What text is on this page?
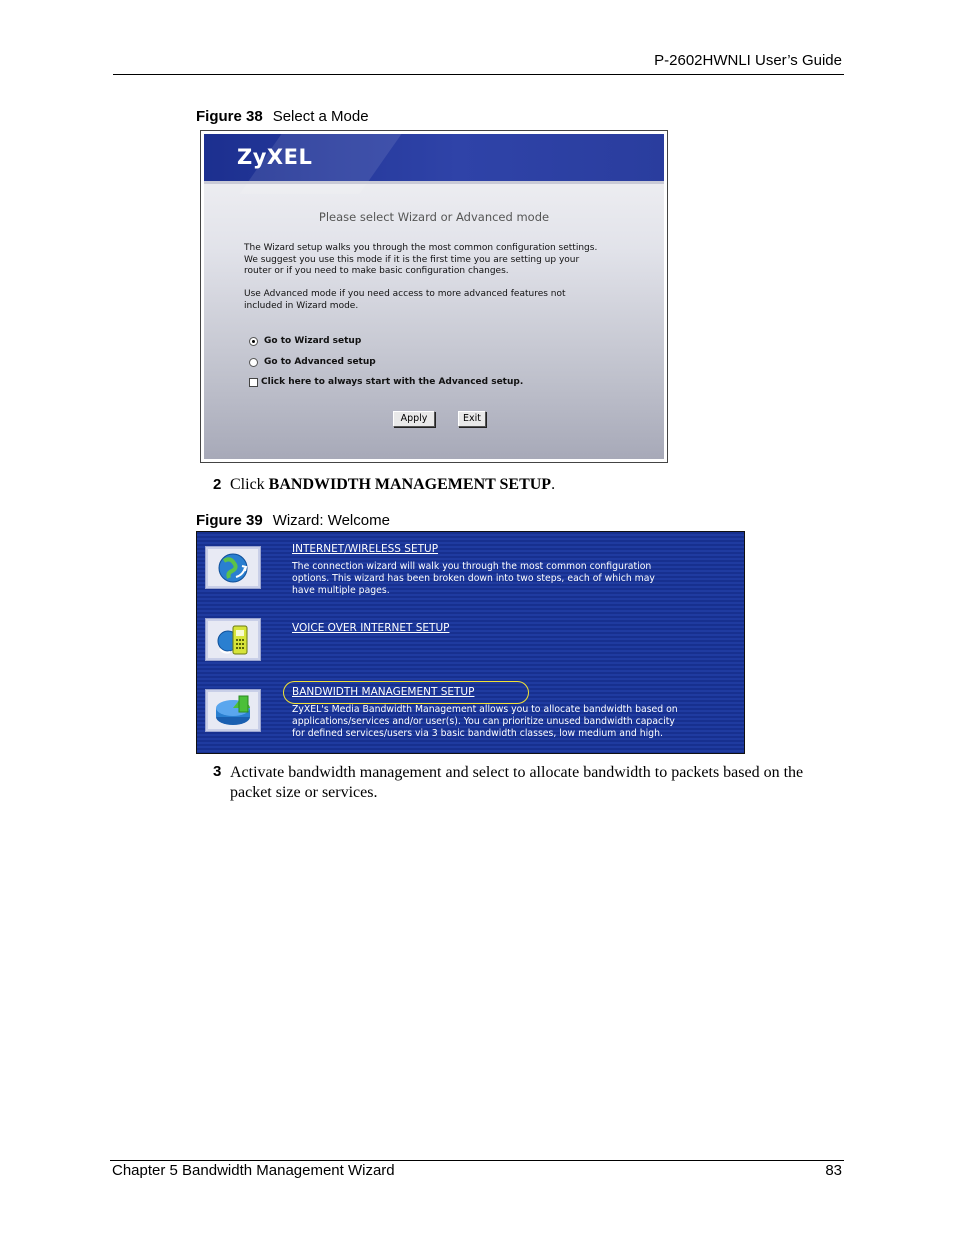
P-2602HWNLI User’s Guide
Figure 38 Select a Mode
ZyXEL
Please select Wizard or Advanced mode
The Wizard setup walks you through the most common configuration settings.
We suggest you use this mode if it is the first time you are setting up your
router or if you need to make basic configuration changes.
Use Advanced mode if you need access to more advanced features not
included in Wizard mode.
Go to Wizard setup
Go to Advanced setup
Click here to always start with the Advanced setup.
Apply	Exit
2 Click BANDWIDTH MANAGEMENT SETUP.
Figure 39 Wizard: Welcome
INTERNET/WIRELESS SETUP
The connection wizard will walk you through the most common configuration
options. This wizard has been broken down into two steps, each of which may
have multiple pages.
VOICE OVER INTERNET SETUP
BANDWIDTH MANAGEMENT SETUP
ZyXEL's Media Bandwidth Management allows you to allocate bandwidth based on
applications/services and/or user(s). You can prioritize unused bandwidth capacity
for defined services/users via 3 basic bandwidth classes, low medium and high.
3 Activate bandwidth management and select to allocate bandwidth to packets based on the
packet size or services.
Chapter 5 Bandwidth Management Wizard	83
